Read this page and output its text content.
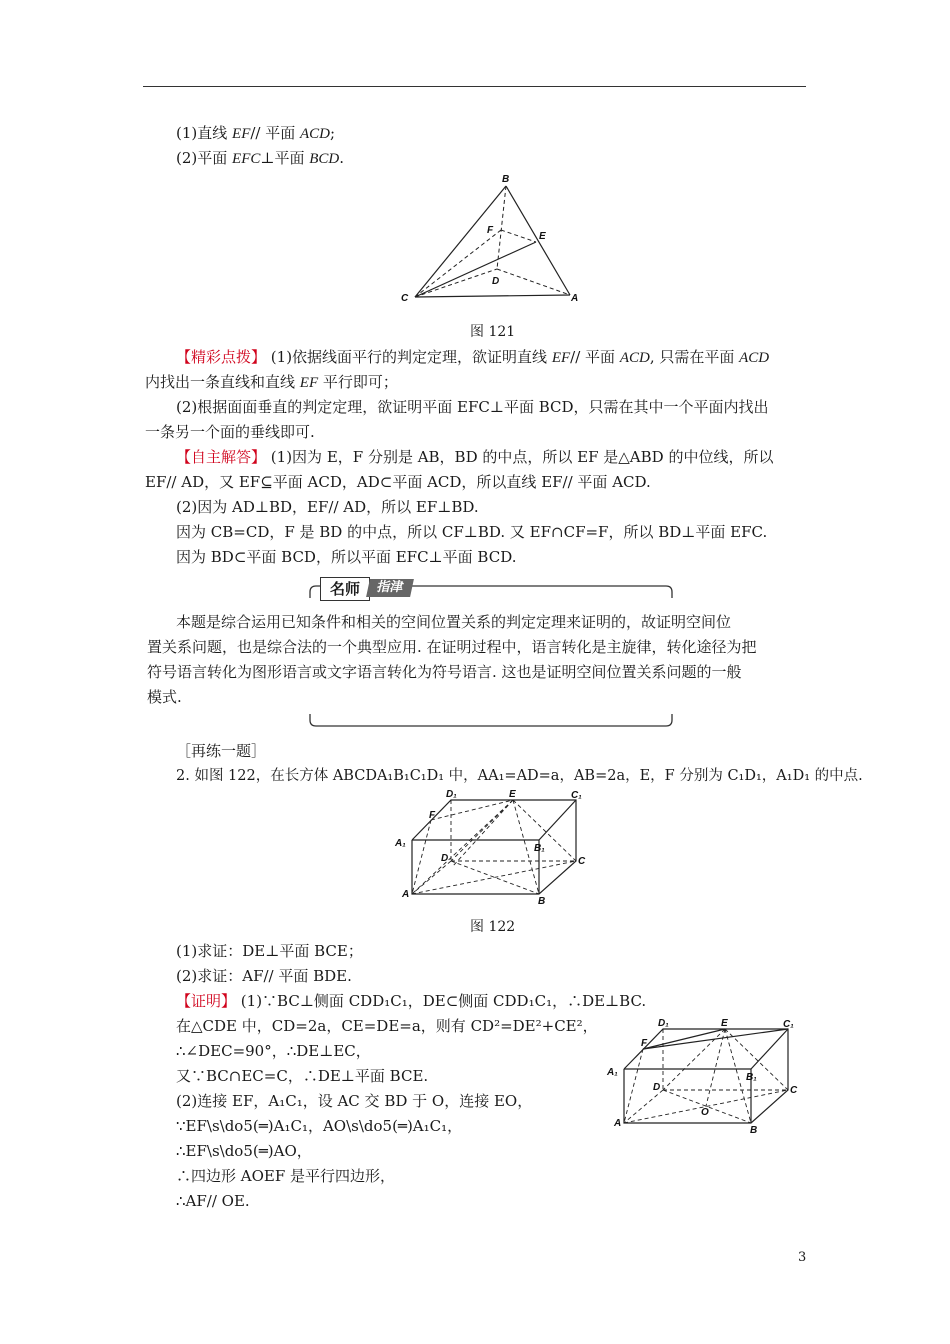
(1)直线 EF// 平面 ACD;
(2)平面 EFC⊥平面 BCD.
B
F
E
D
C	A
图 121
【精彩点拨】 (1)依据线面平行的判定定理，欲证明直线 EF// 平面 ACD, 只需在平面 ACD
内找出一条直线和直线 EF 平行即可；
(2)根据面面垂直的判定定理，欲证明平面 EFC⊥平面 BCD，只需在其中一个平面内找出
一条另一个面的垂线即可.
【自主解答】 (1)因为 E，F 分别是 AB，BD 的中点，所以 EF 是△ABD 的中位线，所以
EF// AD，又 EF⊆平面 ACD，AD⊂平面 ACD，所以直线 EF// 平面 ACD.
(2)因为 AD⊥BD，EF// AD，所以 EF⊥BD.
因为 CB=CD，F 是 BD 的中点，所以 CF⊥BD. 又 EF∩CF=F，所以 BD⊥平面 EFC.
因为 BD⊂平面 BCD，所以平面 EFC⊥平面 BCD.
名师	指津
本题是综合运用已知条件和相关的空间位置关系的判定定理来证明的，故证明空间位
置关系问题，也是综合法的一个典型应用. 在证明过程中，语言转化是主旋律，转化途径为把
符号语言转化为图形语言或文字语言转化为符号语言. 这也是证明空间位置关系问题的一般
模式.
［再练一题］
2. 如图 122，在长方体 ABCDA₁B₁C₁D₁ 中，AA₁=AD=a，AB=2a，E，F 分别为 C₁D₁，A₁D₁ 的中点.
D₁	E	C₁
F
A₁	B₁
D	C
A
B
图 122
(1)求证：DE⊥平面 BCE；
(2)求证：AF// 平面 BDE.
【证明】 (1)∵BC⊥侧面 CDD₁C₁，DE⊂侧面 CDD₁C₁，∴DE⊥BC.
在△CDE 中，CD=2a，CE=DE=a，则有 CD²=DE²+CE²，
∴∠DEC=90°，∴DE⊥EC，
又∵BC∩EC=C，∴DE⊥平面 BCE.
(2)连接 EF，A₁C₁，设 AC 交 BD 于 O，连接 EO，
∵EF\s\do5(═)A₁C₁，AO\s\do5(═)A₁C₁，
∴EF\s\do5(═)AO，
∴四边形 AOEF 是平行四边形，
∴AF// OE.
D₁	E	C₁
F
A₁	B₁
D	C
O
A
B
3
